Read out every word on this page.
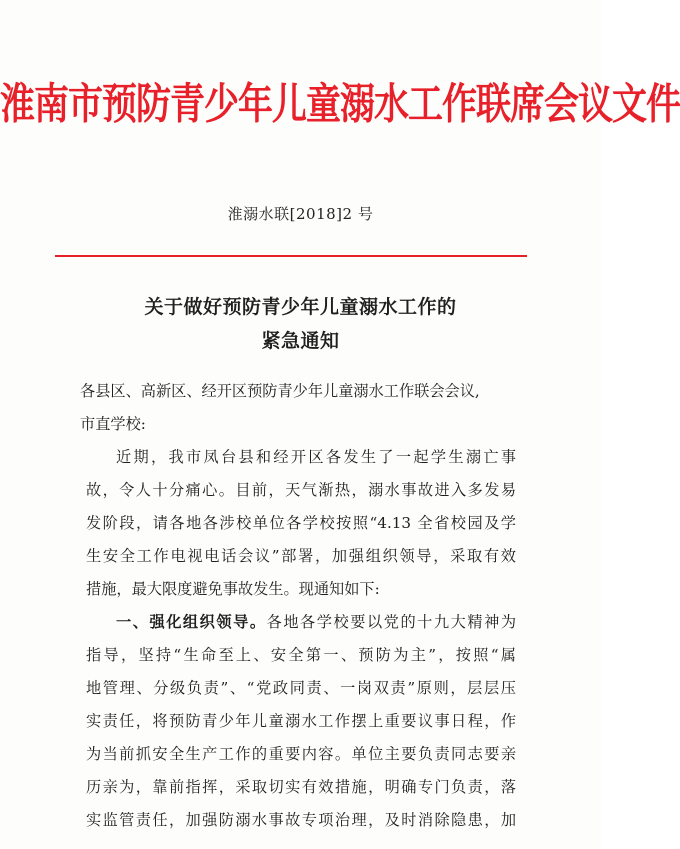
淮南市预防青少年儿童溺水工作联席会议文件
淮溺水联[2018]2 号
关于做好预防青少年儿童溺水工作的
紧急通知
各县区、高新区、经开区预防青少年儿童溺水工作联会会议,
市直学校:
近期，我市凤台县和经开区各发生了一起学生溺亡事
故，令人十分痛心。目前，天气渐热，溺水事故进入多发易
发阶段，请各地各涉校单位各学校按照“4.13 全省校园及学
生安全工作电视电话会议”部署，加强组织领导，采取有效
措施，最大限度避免事故发生。现通知如下:
一、强化组织领导。各地各学校要以党的十九大精神为
指导，坚持“生命至上、安全第一、预防为主”，按照“属
地管理、分级负责”、“党政同责、一岗双责”原则，层层压
实责任，将预防青少年儿童溺水工作摆上重要议事日程，作
为当前抓安全生产工作的重要内容。单位主要负责同志要亲
历亲为，靠前指挥，采取切实有效措施，明确专门负责，落
实监管责任，加强防溺水事故专项治理，及时消除隐患，加
